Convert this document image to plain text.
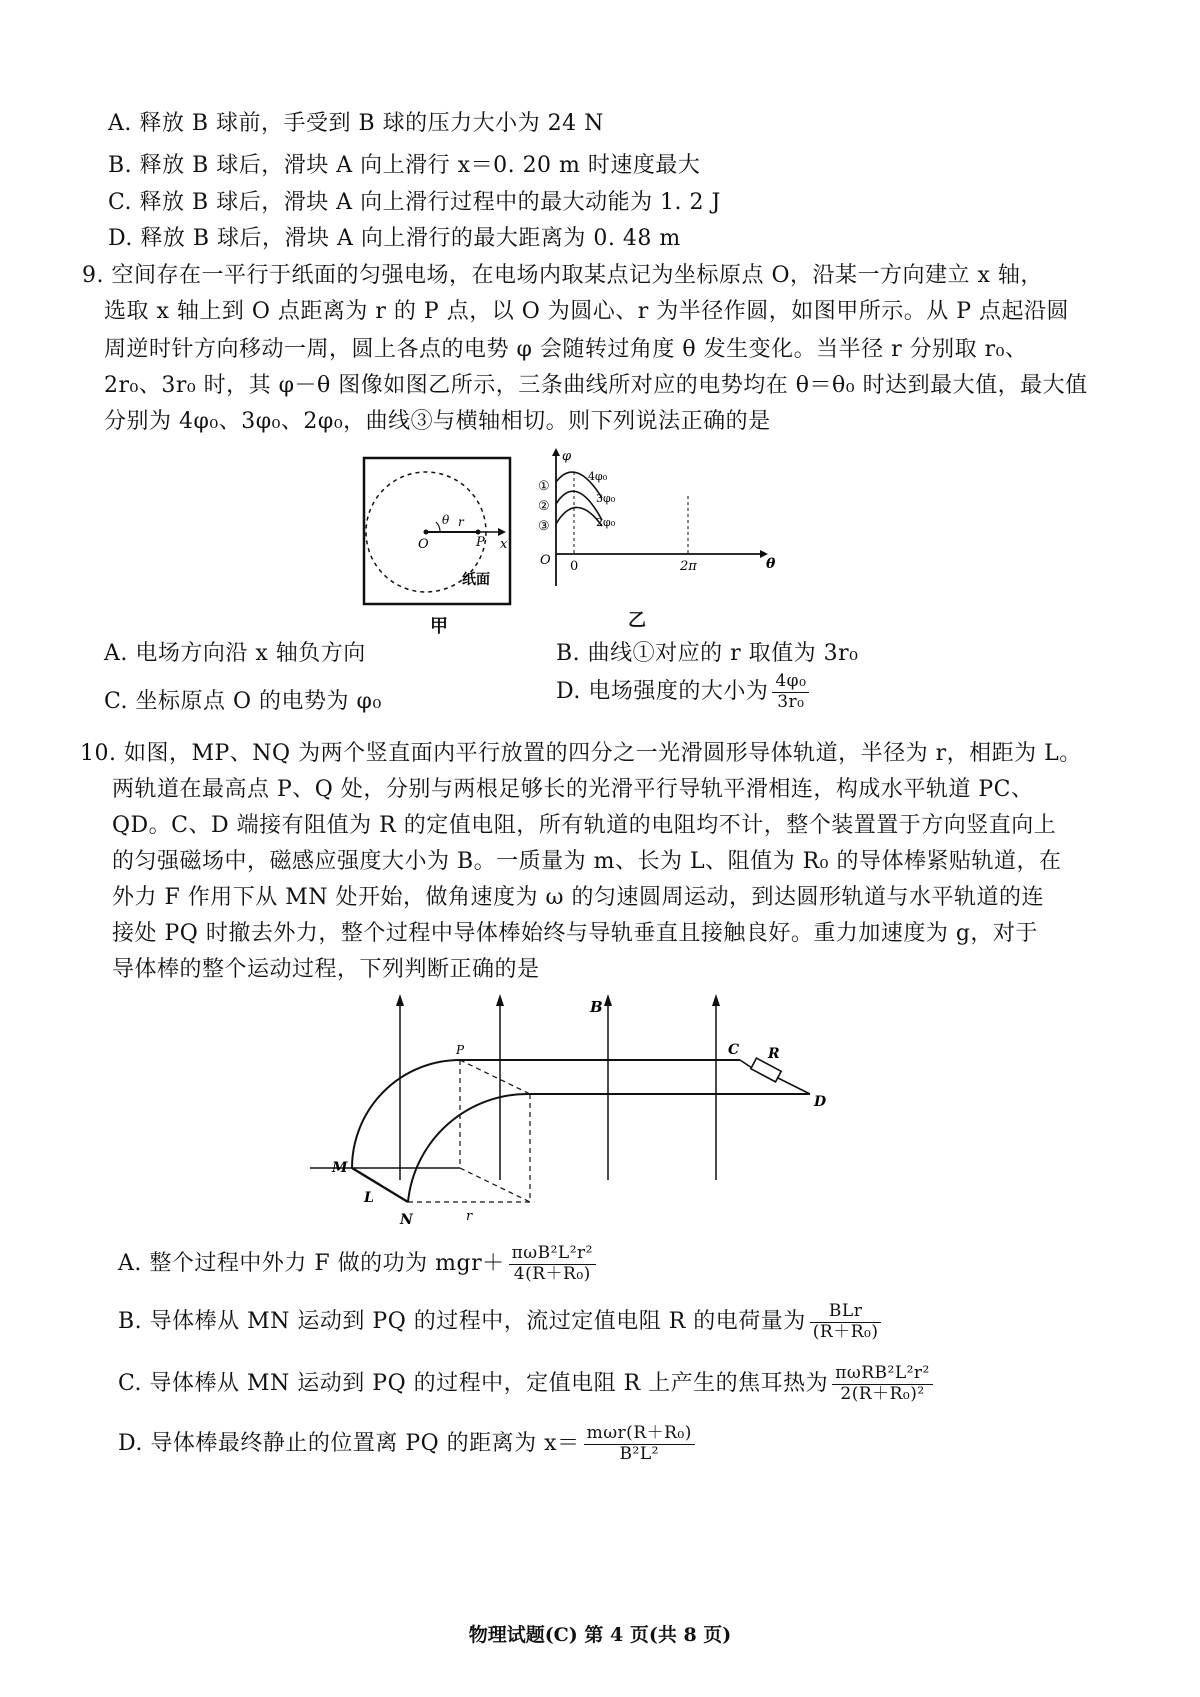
A. 释放 B 球前，手受到 B 球的压力大小为 24 N
B. 释放 B 球后，滑块 A 向上滑行 x＝0. 20 m 时速度最大
C. 释放 B 球后，滑块 A 向上滑行过程中的最大动能为 1. 2 J
D. 释放 B 球后，滑块 A 向上滑行的最大距离为 0. 48 m
9. 空间存在一平行于纸面的匀强电场，在电场内取某点记为坐标原点 O，沿某一方向建立 x 轴，
选取 x 轴上到 O 点距离为 r 的 P 点，以 O 为圆心、r 为半径作圆，如图甲所示。从 P 点起沿圆
周逆时针方向移动一周，圆上各点的电势 φ 会随转过角度 θ 发生变化。当半径 r 分别取 r₀、
2r₀、3r₀ 时，其 φ－θ 图像如图乙所示，三条曲线所对应的电势均在 θ＝θ₀ 时达到最大值，最大值
分别为 4φ₀、3φ₀、2φ₀，曲线③与横轴相切。则下列说法正确的是
O	P
r
θ
x
纸面
甲
①
②
③
4φ₀
3φ₀
2φ₀
φ
O 0	2π	θ
乙
A. 电场方向沿 x 轴负方向	B. 曲线①对应的 r 取值为 3r₀
C. 坐标原点 O 的电势为 φ₀	D. 电场强度的大小为 $\frac{\text{4φ₀}}{\text{3r₀}}$
10. 如图，MP、NQ 为两个竖直面内平行放置的四分之一光滑圆形导体轨道，半径为 r，相距为 L。
两轨道在最高点 P、Q 处，分别与两根足够长的光滑平行导轨平滑相连，构成水平轨道 PC、
QD。C、D 端接有阻值为 R 的定值电阻，所有轨道的电阻均不计，整个装置置于方向竖直向上
的匀强磁场中，磁感应强度大小为 B。一质量为 m、长为 L、阻值为 R₀ 的导体棒紧贴轨道，在
外力 F 作用下从 MN 处开始，做角速度为 ω 的匀速圆周运动，到达圆形轨道与水平轨道的连
接处 PQ 时撤去外力，整个过程中导体棒始终与导轨垂直且接触良好。重力加速度为 g，对于
导体棒的整个运动过程，下列判断正确的是
B
M
N
L
P
r
C R
D
A. 整个过程中外力 F 做的功为 $mgr+ \frac{\text{πωB²L²r²}}{\text{4(R＋R₀)}}$
B. 导体棒从 MN 运动到 PQ 的过程中，流过定值电阻 R 的电荷量为 $\frac{\text{BLr}}{\text{(R＋R₀)}}$
C. 导体棒从 MN 运动到 PQ 的过程中，定值电阻 R 上产生的焦耳热为 $\frac{\text{πωRB²L²r²}}{\text{2(R＋R₀)²}}$
D. 导体棒最终静止的位置离 PQ 的距离为 $x= \frac{\text{mωr(R＋R₀)}}{\text{B²L²}}$
物理试题(C) 第 4 页(共 8 页)
